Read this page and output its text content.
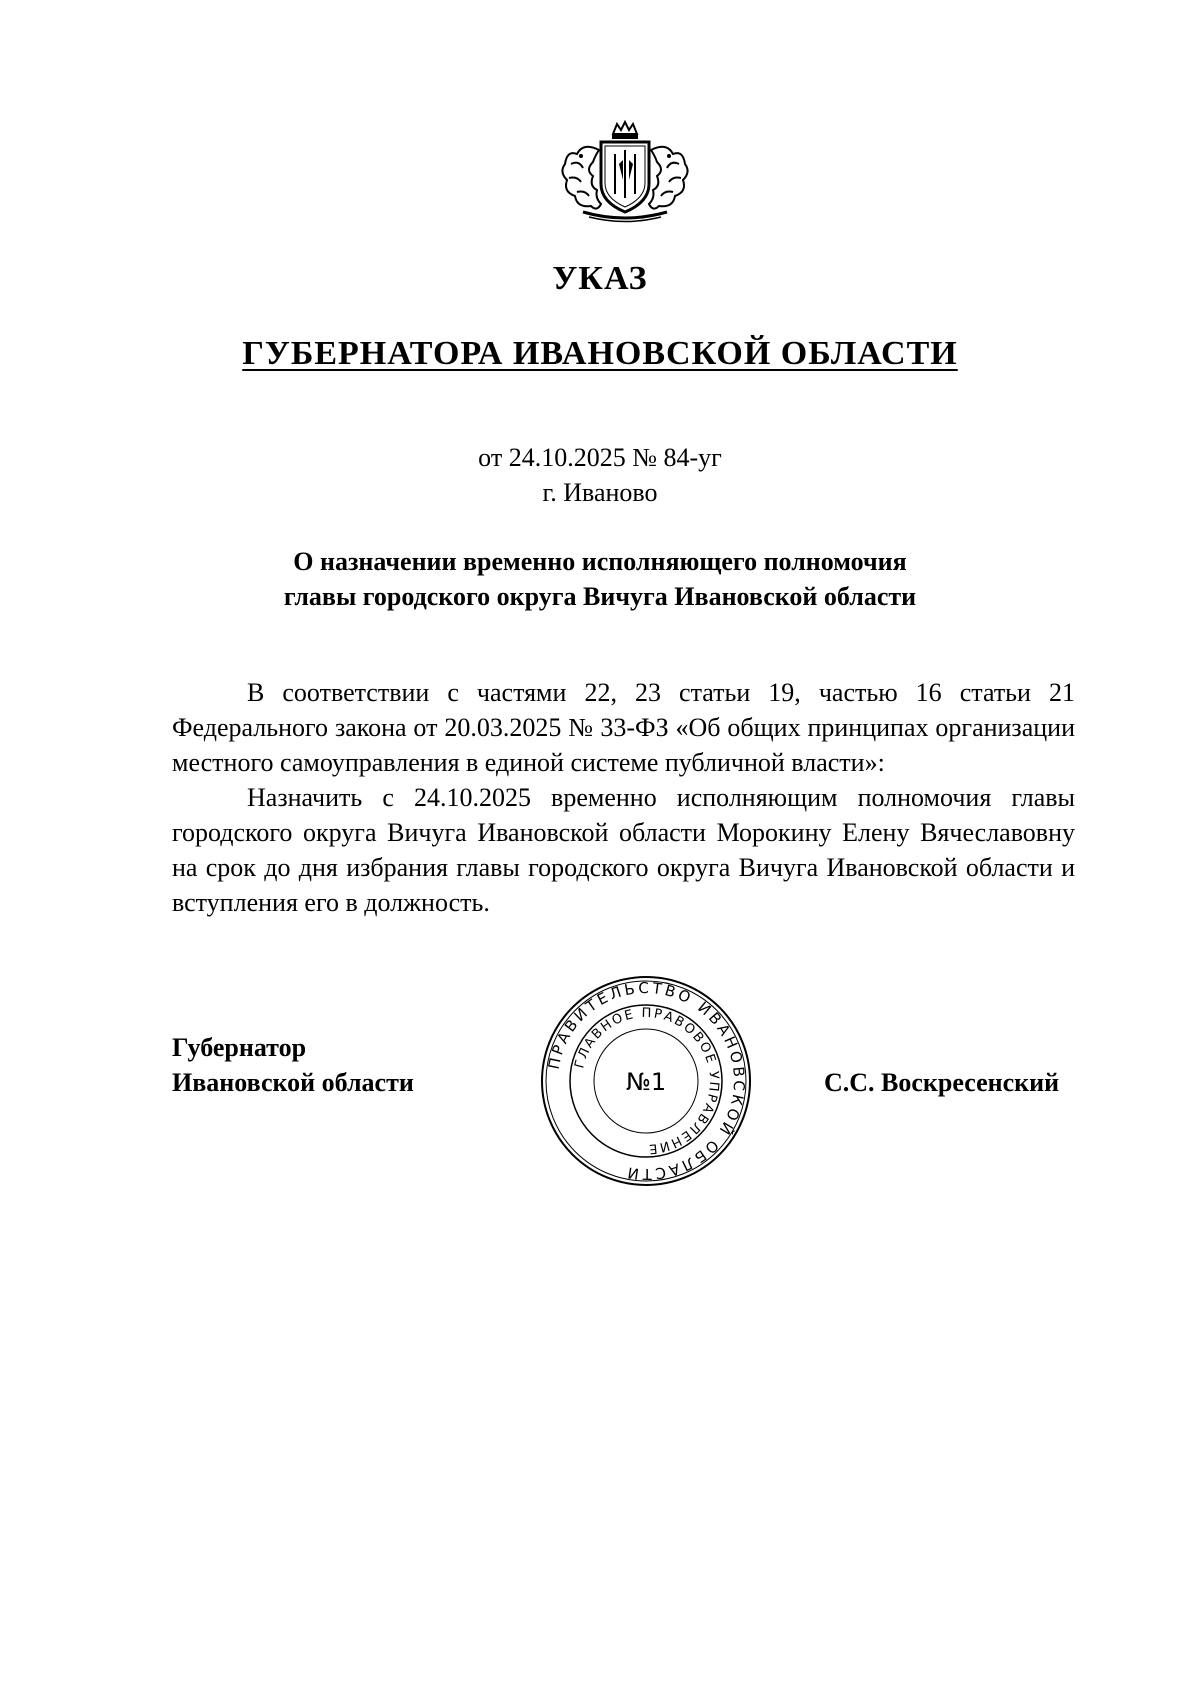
УКАЗ
ГУБЕРНАТОРА ИВАНОВСКОЙ ОБЛАСТИ
от 24.10.2025 № 84-уг
г. Иваново
О назначении временно исполняющего полномочия
главы городского округа Вичуга Ивановской области

В соответствии с частями 22, 23 статьи 19, частью 16 статьи 21 Федерального закона от 20.03.2025 № 33-ФЗ «Об общих принципах организации местного самоуправления в единой системе публичной власти»:

Назначить с 24.10.2025 временно исполняющим полномочия главы городского округа Вичуга Ивановской области Морокину Елену Вячеславовну на срок до дня избрания главы городского округа Вичуга Ивановской области и вступления его в должность.

Губернатор
Ивановской области
ПРАВИТЕЛЬСТВО ИВАНОВСКОЙ ОБЛАСТИ
ГЛАВНОЕ ПРАВОВОЕ УПРАВЛЕНИЕ
№1	С.С. Воскресенский
